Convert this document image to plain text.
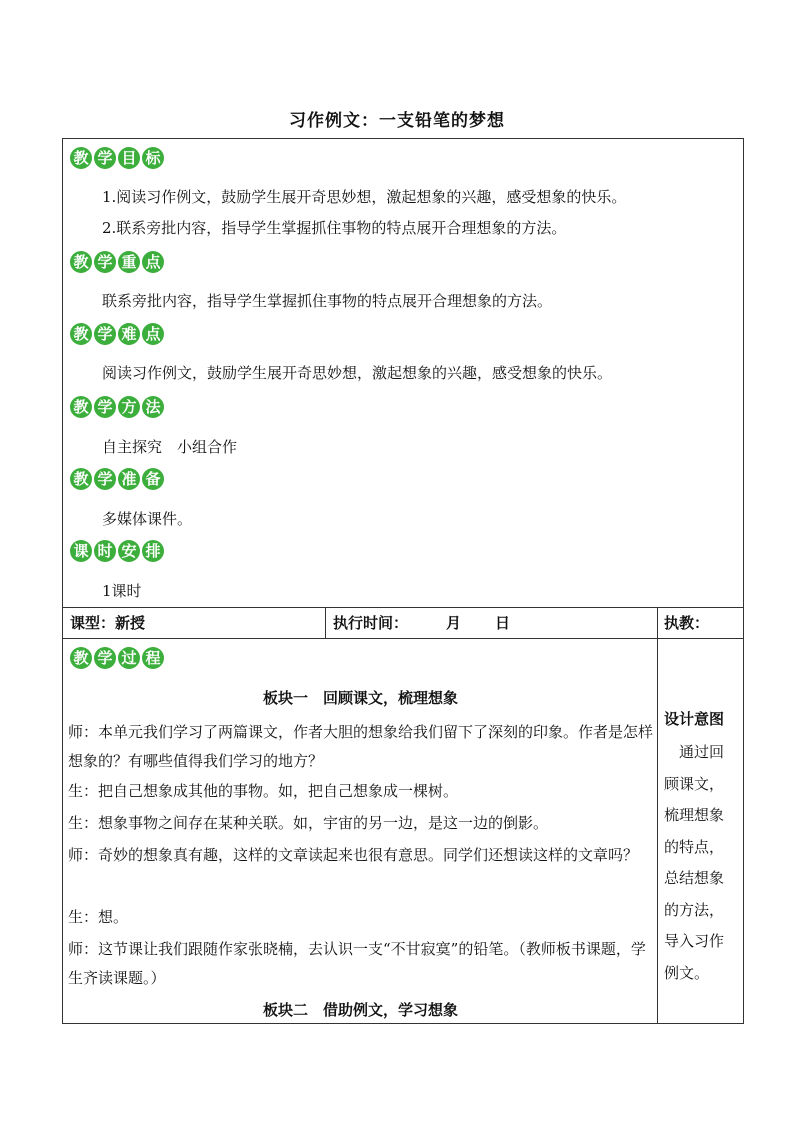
习作例文：一支铅笔的梦想
教 学 目 标
1.阅读习作例文，鼓励学生展开奇思妙想，激起想象的兴趣，感受想象的快乐。
2.联系旁批内容，指导学生掌握抓住事物的特点展开合理想象的方法。
教 学 重 点
联系旁批内容，指导学生掌握抓住事物的特点展开合理想象的方法。
教 学 难 点
阅读习作例文，鼓励学生展开奇思妙想，激起想象的兴趣，感受想象的快乐。
教 学 方 法
自主探究　小组合作
教 学 准 备
多媒体课件。
课 时 安 排
1课时
课型：新授	执行时间：	月 日	执教：
教 学 过 程
板块一　回顾课文，梳理想象
师：本单元我们学习了两篇课文，作者大胆的想象给我们留下了深刻的印象。作者是怎样想象的？有哪些值得我们学习的地方？
生：把自己想象成其他的事物。如，把自己想象成一棵树。
生：想象事物之间存在某种关联。如，宇宙的另一边，是这一边的倒影。
师：奇妙的想象真有趣，这样的文章读起来也很有意思。同学们还想读这样的文章吗？
生：想。
师：这节课让我们跟随作家张晓楠，去认识一支“不甘寂寞”的铅笔。（教师板书课题，学生齐读课题。）
板块二　借助例文，学习想象
设计意图
　通过回顾课文，梳理想象的特点，总结想象的方法，导入习作例文。
